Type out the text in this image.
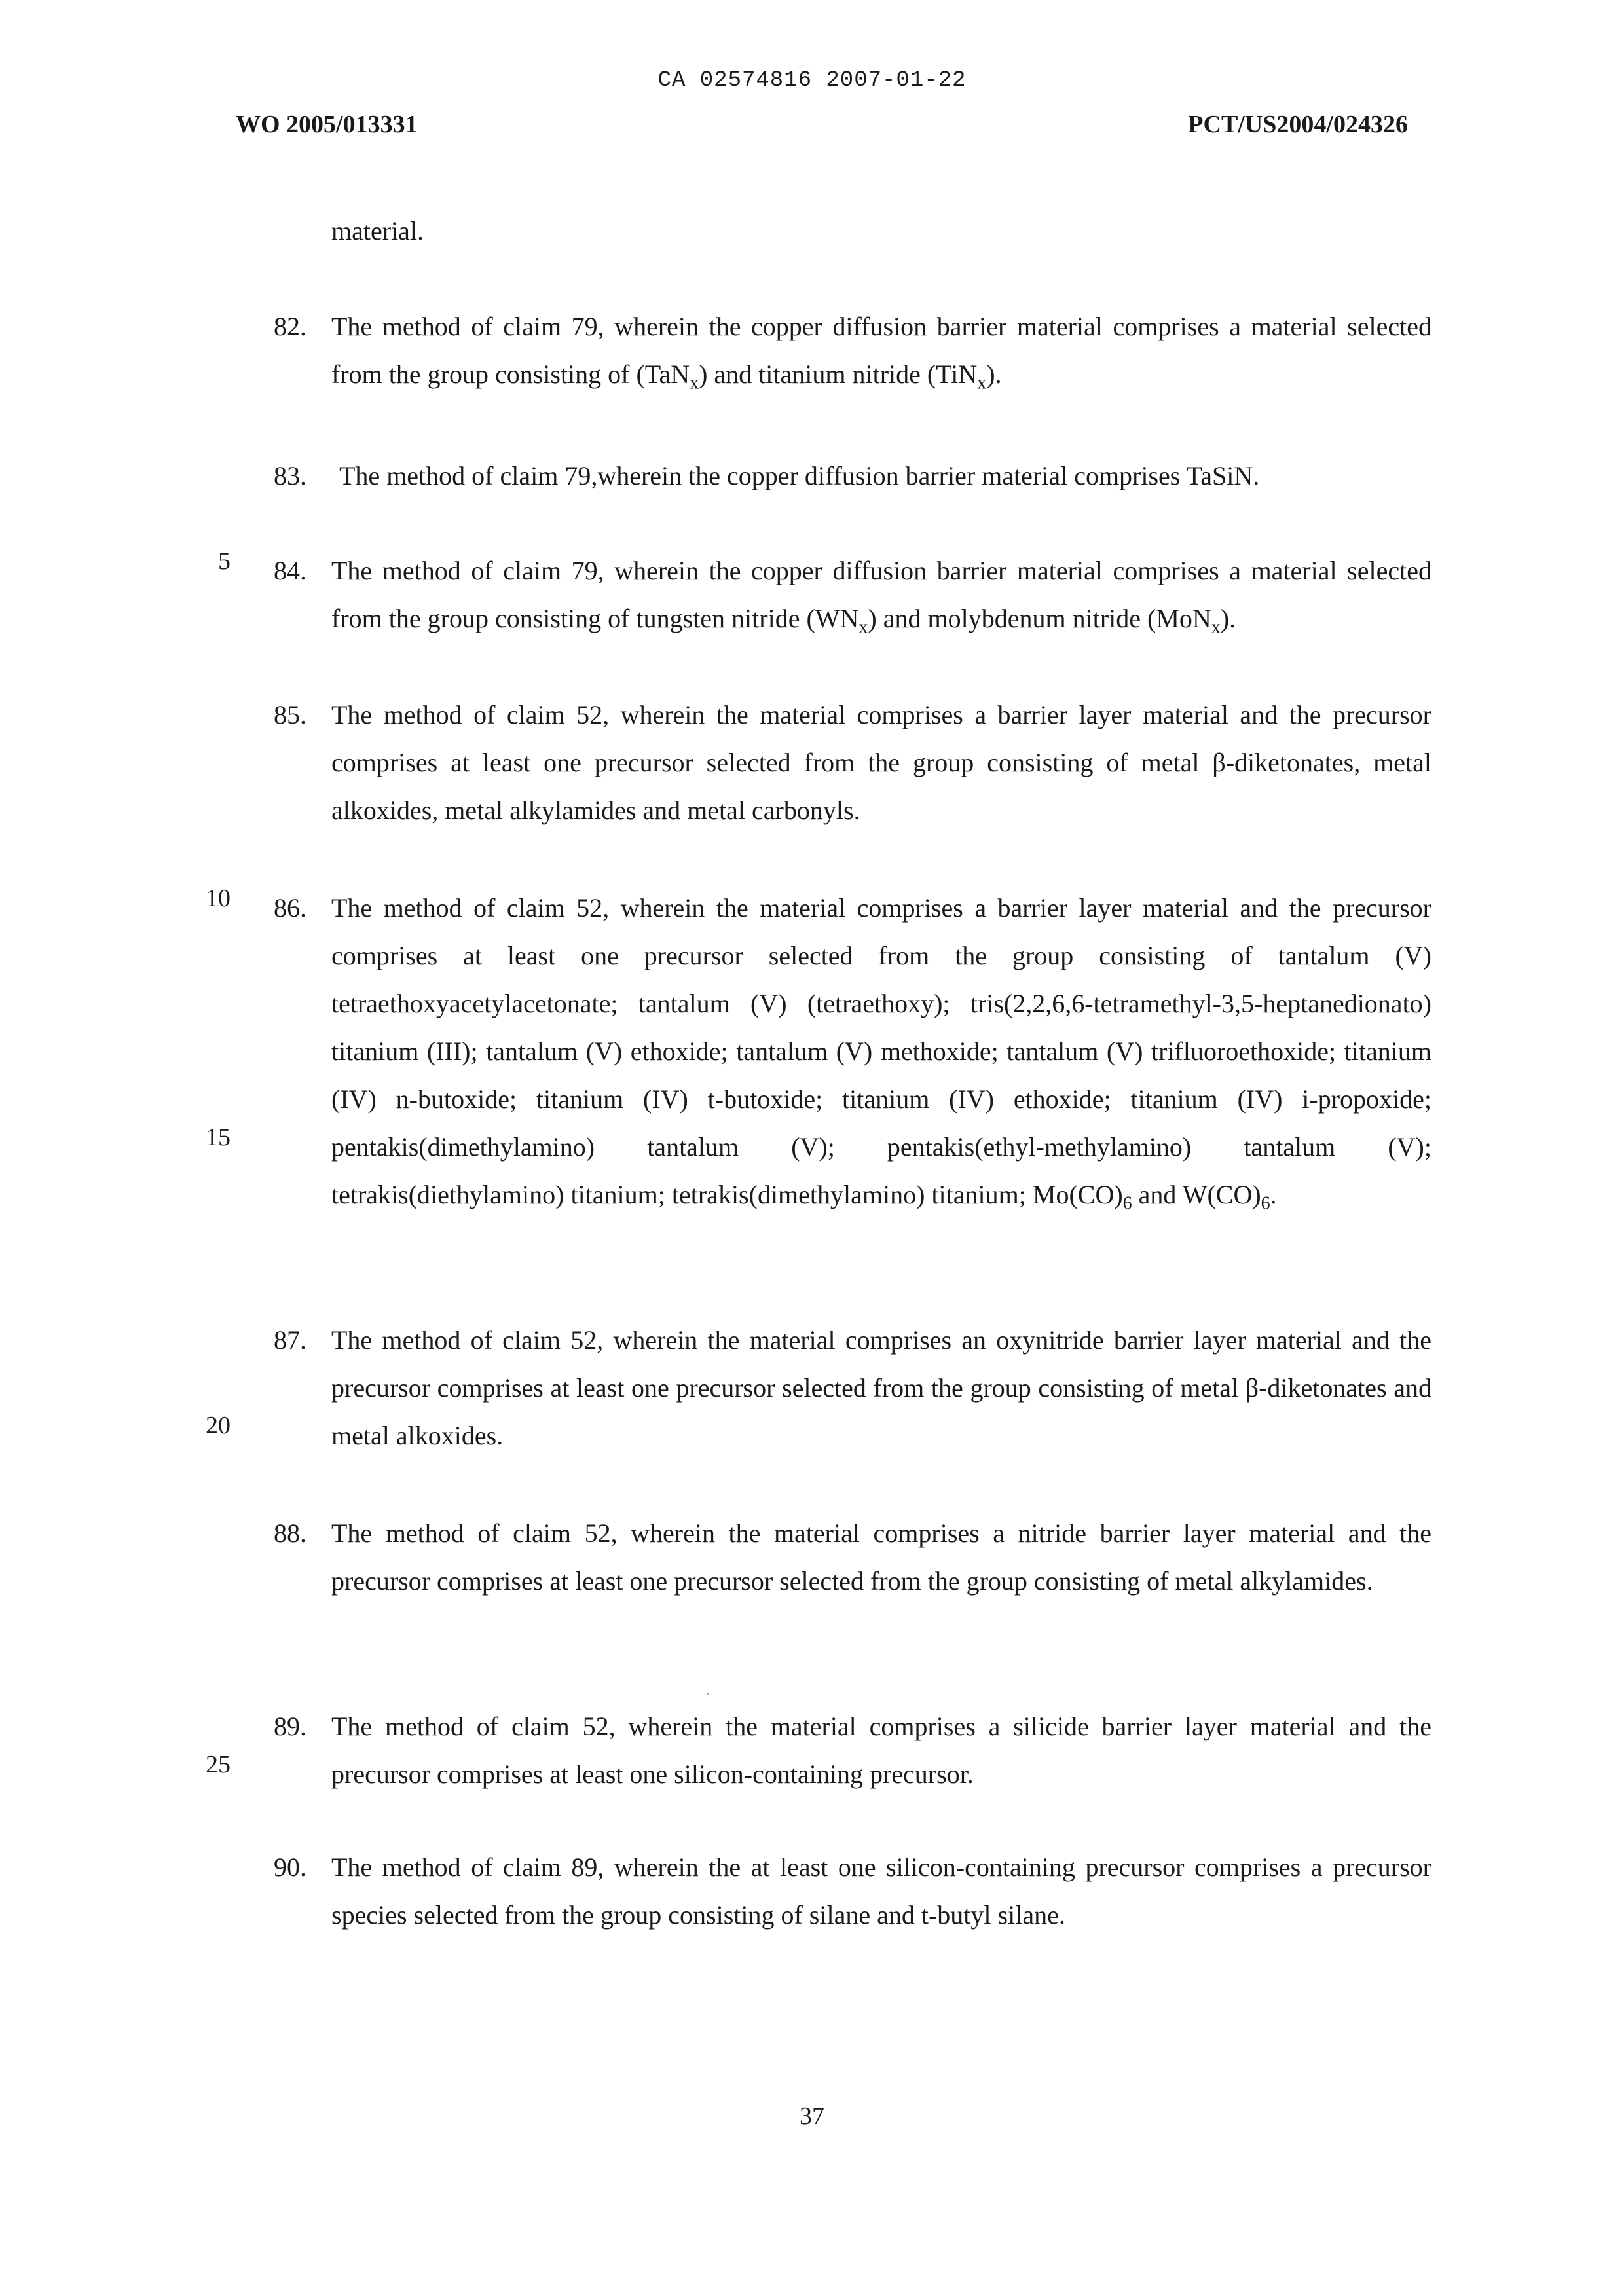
CA 02574816 2007-01-22
WO 2005/013331	PCT/US2004/024326
material.
82. The method of claim 79, wherein the copper diffusion barrier material comprises a material selected from the group consisting of (TaN$_x$) and titanium nitride (TiN$_x$).
83. The method of claim 79,wherein the copper diffusion barrier material comprises TaSiN.
84. The method of claim 79, wherein the copper diffusion barrier material comprises a material selected from the group consisting of tungsten nitride $(WN_x)$ and molybdenum nitride (MoN$_x$).
85. The method of claim 52, wherein the material comprises a barrier layer material and the precursor comprises at least one precursor selected from the group consisting of metal β-diketonates, metal alkoxides, metal alkylamides and metal carbonyls.
86. The method of claim 52, wherein the material comprises a barrier layer material and the precursor comprises at least one precursor selected from the group consisting of tantalum (V) tetraethoxyacetylacetonate; tantalum (V) (tetraethoxy); tris(2,2,6,6-tetramethyl-3,5-heptanedionato) titanium (III); tantalum (V) ethoxide; tantalum (V) methoxide; tantalum (V) trifluoroethoxide; titanium (IV) n-butoxide; titanium (IV) t-butoxide; titanium (IV) ethoxide; titanium (IV) i-propoxide; pentakis(dimethylamino) tantalum (V); pentakis(ethyl-methylamino) tantalum (V); tetrakis(diethylamino) titanium; tetrakis(dimethylamino) titanium; $Mo(CO)_6$ and $W(CO)_6$.
87. The method of claim 52, wherein the material comprises an oxynitride barrier layer material and the precursor comprises at least one precursor selected from the group consisting of metal β-diketonates and metal alkoxides.
88. The method of claim 52, wherein the material comprises a nitride barrier layer material and the precursor comprises at least one precursor selected from the group consisting of metal alkylamides.
89. The method of claim 52, wherein the material comprises a silicide barrier layer material and the precursor comprises at least one silicon-containing precursor.
90. The method of claim 89, wherein the at least one silicon-containing precursor comprises a precursor species selected from the group consisting of silane and t-butyl silane.
5
10
15
20
25
37
